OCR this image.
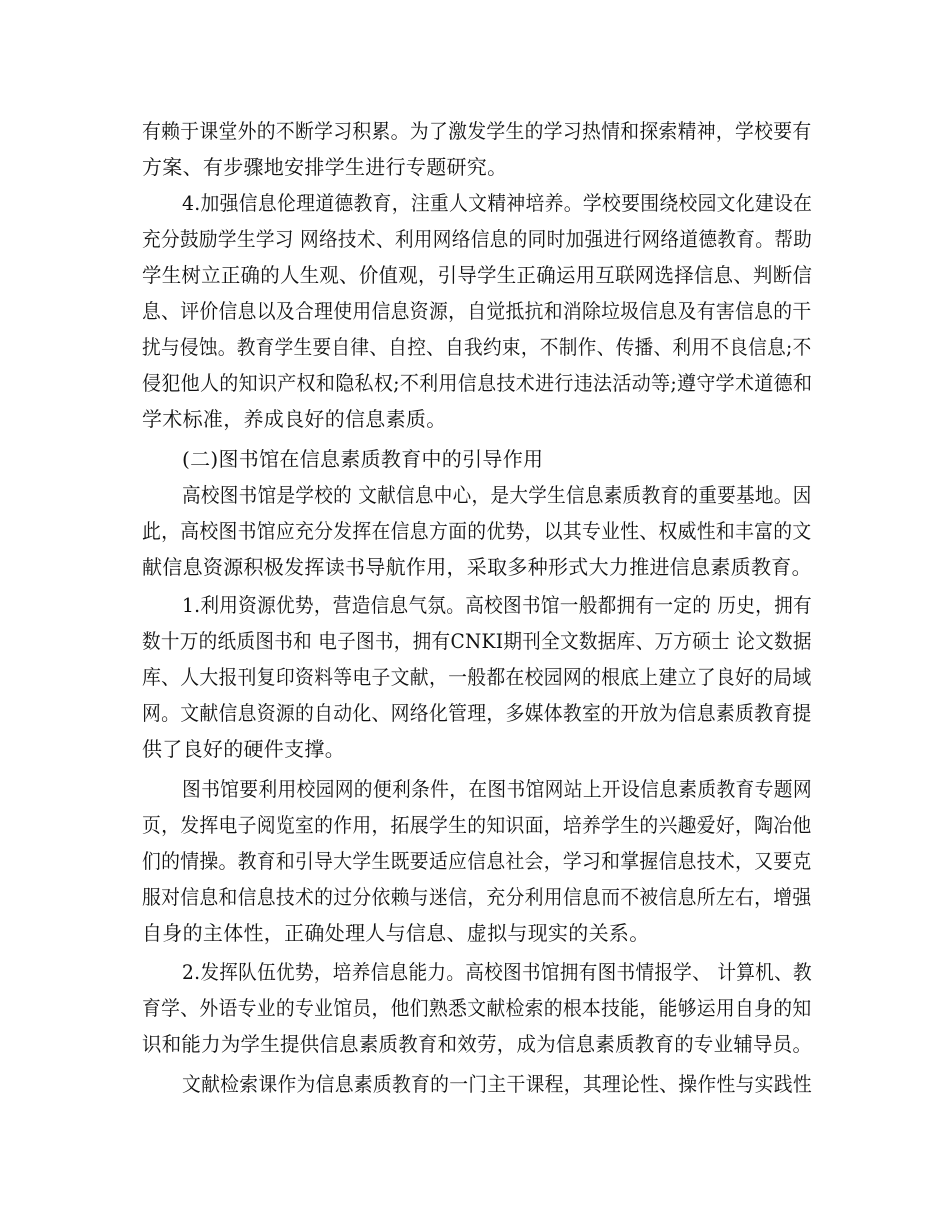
有赖于课堂外的不断学习积累。为了激发学生的学习热情和探索精神，学校要有
方案、有步骤地安排学生进行专题研究。
4.加强信息伦理道德教育，注重人文精神培养。学校要围绕校园文化建设在
充分鼓励学生学习 网络技术、利用网络信息的同时加强进行网络道德教育。帮助
学生树立正确的人生观、价值观，引导学生正确运用互联网选择信息、判断信
息、评价信息以及合理使用信息资源，自觉抵抗和消除垃圾信息及有害信息的干
扰与侵蚀。教育学生要自律、自控、自我约束，不制作、传播、利用不良信息;不
侵犯他人的知识产权和隐私权;不利用信息技术进行违法活动等;遵守学术道德和
学术标准，养成良好的信息素质。
(二)图书馆在信息素质教育中的引导作用
高校图书馆是学校的 文献信息中心，是大学生信息素质教育的重要基地。因
此，高校图书馆应充分发挥在信息方面的优势，以其专业性、权威性和丰富的文
献信息资源积极发挥读书导航作用，采取多种形式大力推进信息素质教育。
1.利用资源优势，营造信息气氛。高校图书馆一般都拥有一定的 历史，拥有
数十万的纸质图书和 电子图书，拥有CNKI期刊全文数据库、万方硕士 论文数据
库、人大报刊复印资料等电子文献，一般都在校园网的根底上建立了良好的局域
网。文献信息资源的自动化、网络化管理，多媒体教室的开放为信息素质教育提
供了良好的硬件支撑。
图书馆要利用校园网的便利条件，在图书馆网站上开设信息素质教育专题网
页，发挥电子阅览室的作用，拓展学生的知识面，培养学生的兴趣爱好，陶冶他
们的情操。教育和引导大学生既要适应信息社会，学习和掌握信息技术，又要克
服对信息和信息技术的过分依赖与迷信，充分利用信息而不被信息所左右，增强
自身的主体性，正确处理人与信息、虚拟与现实的关系。
2.发挥队伍优势，培养信息能力。高校图书馆拥有图书情报学、 计算机、教
育学、外语专业的专业馆员，他们熟悉文献检索的根本技能，能够运用自身的知
识和能力为学生提供信息素质教育和效劳，成为信息素质教育的专业辅导员。
文献检索课作为信息素质教育的一门主干课程，其理论性、操作性与实践性
